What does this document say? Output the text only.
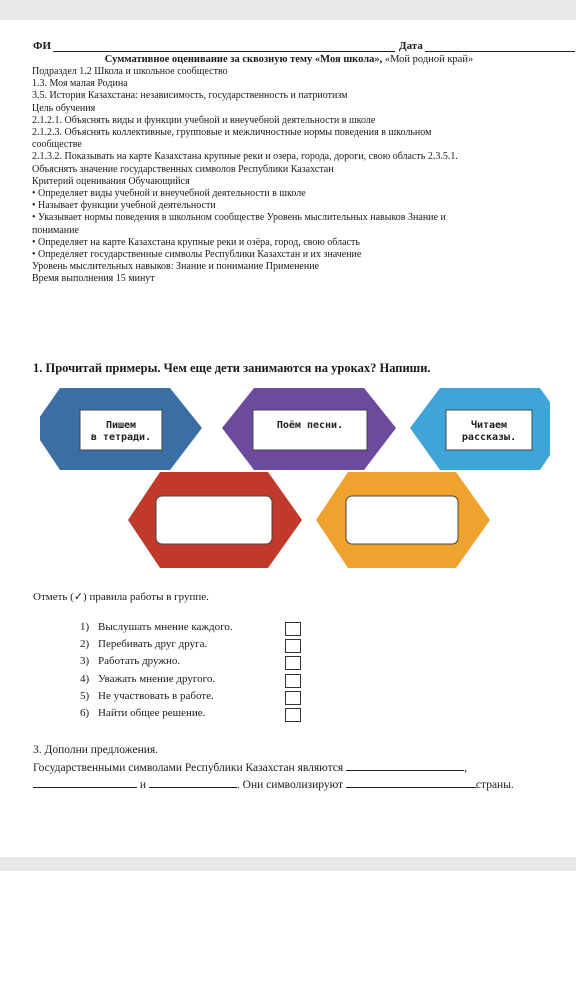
ФИ	Дата
Суммативное оценивание за сквозную тему «Моя школа», «Мой родной край»
Подраздел 1.2 Школа и школьное сообщество
1.3. Моя малая Родина
3.5. История Казахстана: независимость, государственность и патриотизм
Цель обучения
2.1.2.1. Объяснять виды и функции учебной и внеучебной деятельности в школе
2.1.2.3. Объяснять коллективные, групповые и межличностные нормы поведения в школьном
сообществе
2.1.3.2. Показывать на карте Казахстана крупные реки и озера, города, дороги, свою область 2.3.5.1.
Объяснять значение государственных символов Республики Казахстан
Критерий оценивания Обучающийся
• Определяет виды учебной и внеучебной деятельности в школе
• Называет функции учебной деятельности
• Указывает нормы поведения в школьном сообществе Уровень мыслительных навыков Знание и
понимание
• Определяет на карте Казахстана крупные реки и озёра, город, свою область
• Определяет государственные символы Республики Казахстан и их значение
Уровень мыслительных навыков: Знание и понимание Применение
Время выполнения 15 минут
1. Прочитай примеры. Чем еще дети занимаются на уроках? Напиши.
Пишем
в тетради.
Поём песни.	Читаем
рассказы.
Отметь (✓) правила работы в группе.
1) Выслушать мнение каждого.
2) Перебивать друг друга.
3) Работать дружно.
4) Уважать мнение другого.
5) Не участвовать в работе.
6) Найти общее решение.
3. Дополни предложения.
Государственными символами Республики Казахстан являются	,
и	. Они символизируют	страны.
